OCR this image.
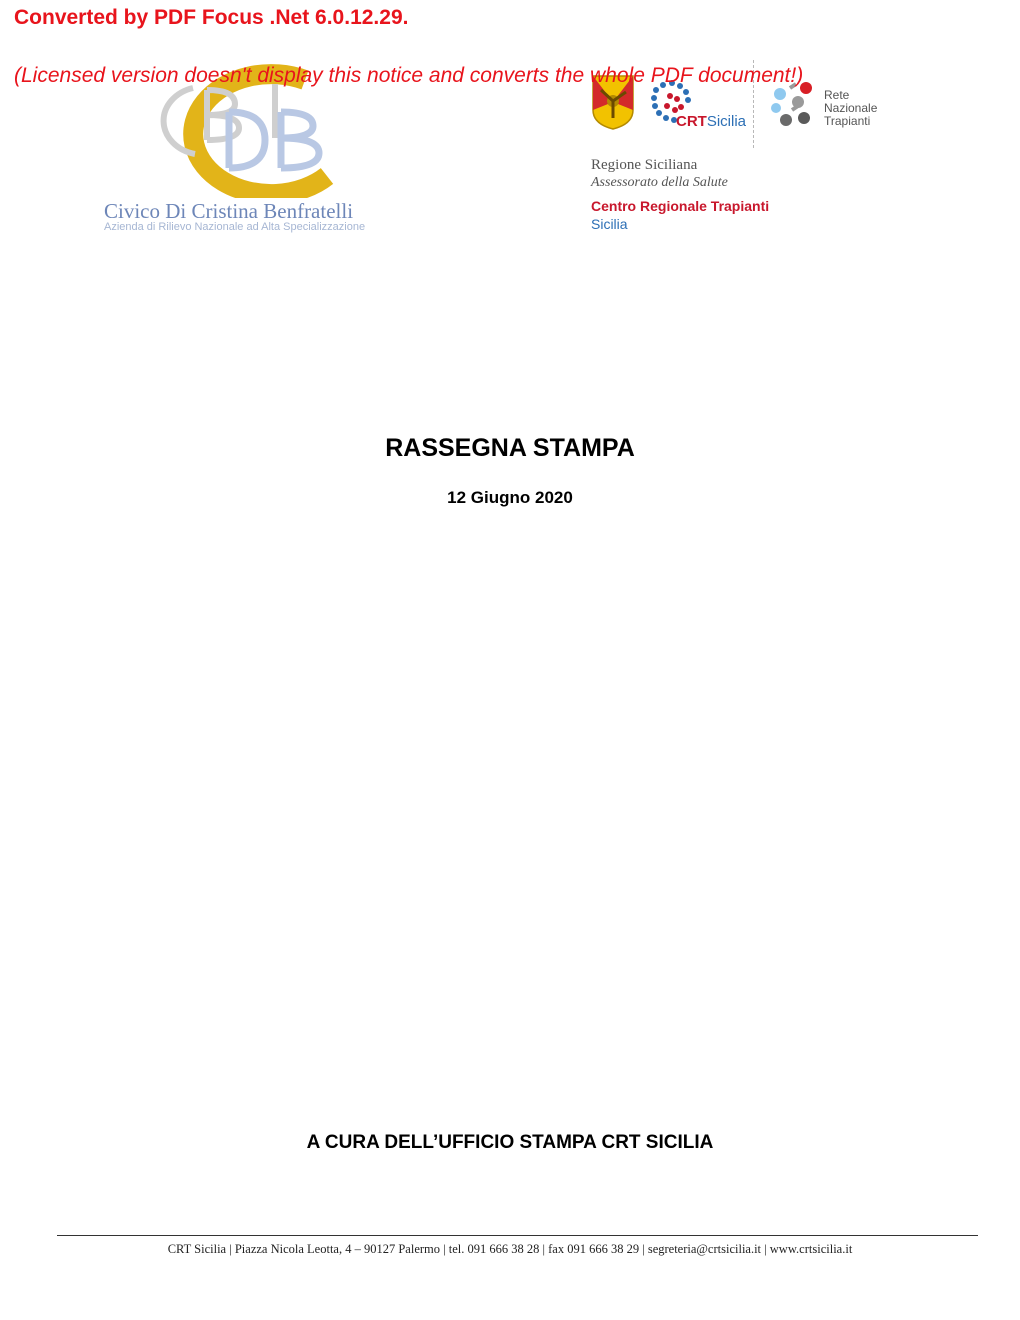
Converted by PDF Focus .Net 6.0.12.29.
(Licensed version doesn't display this notice and converts the whole PDF document!)
Civico Di Cristina Benfratelli
Azienda di Rilievo Nazionale ad Alta Specializzazione
CRTSicilia
Rete
Nazionale
Trapianti
Regione Siciliana
Assessorato della Salute
Centro Regionale Trapianti
Sicilia
RASSEGNA STAMPA
12 Giugno 2020
A CURA DELL’UFFICIO STAMPA CRT SICILIA
CRT Sicilia | Piazza Nicola Leotta, 4 – 90127 Palermo | tel. 091 666 38 28 | fax 091 666 38 29 | segreteria@crtsicilia.it | www.crtsicilia.it
